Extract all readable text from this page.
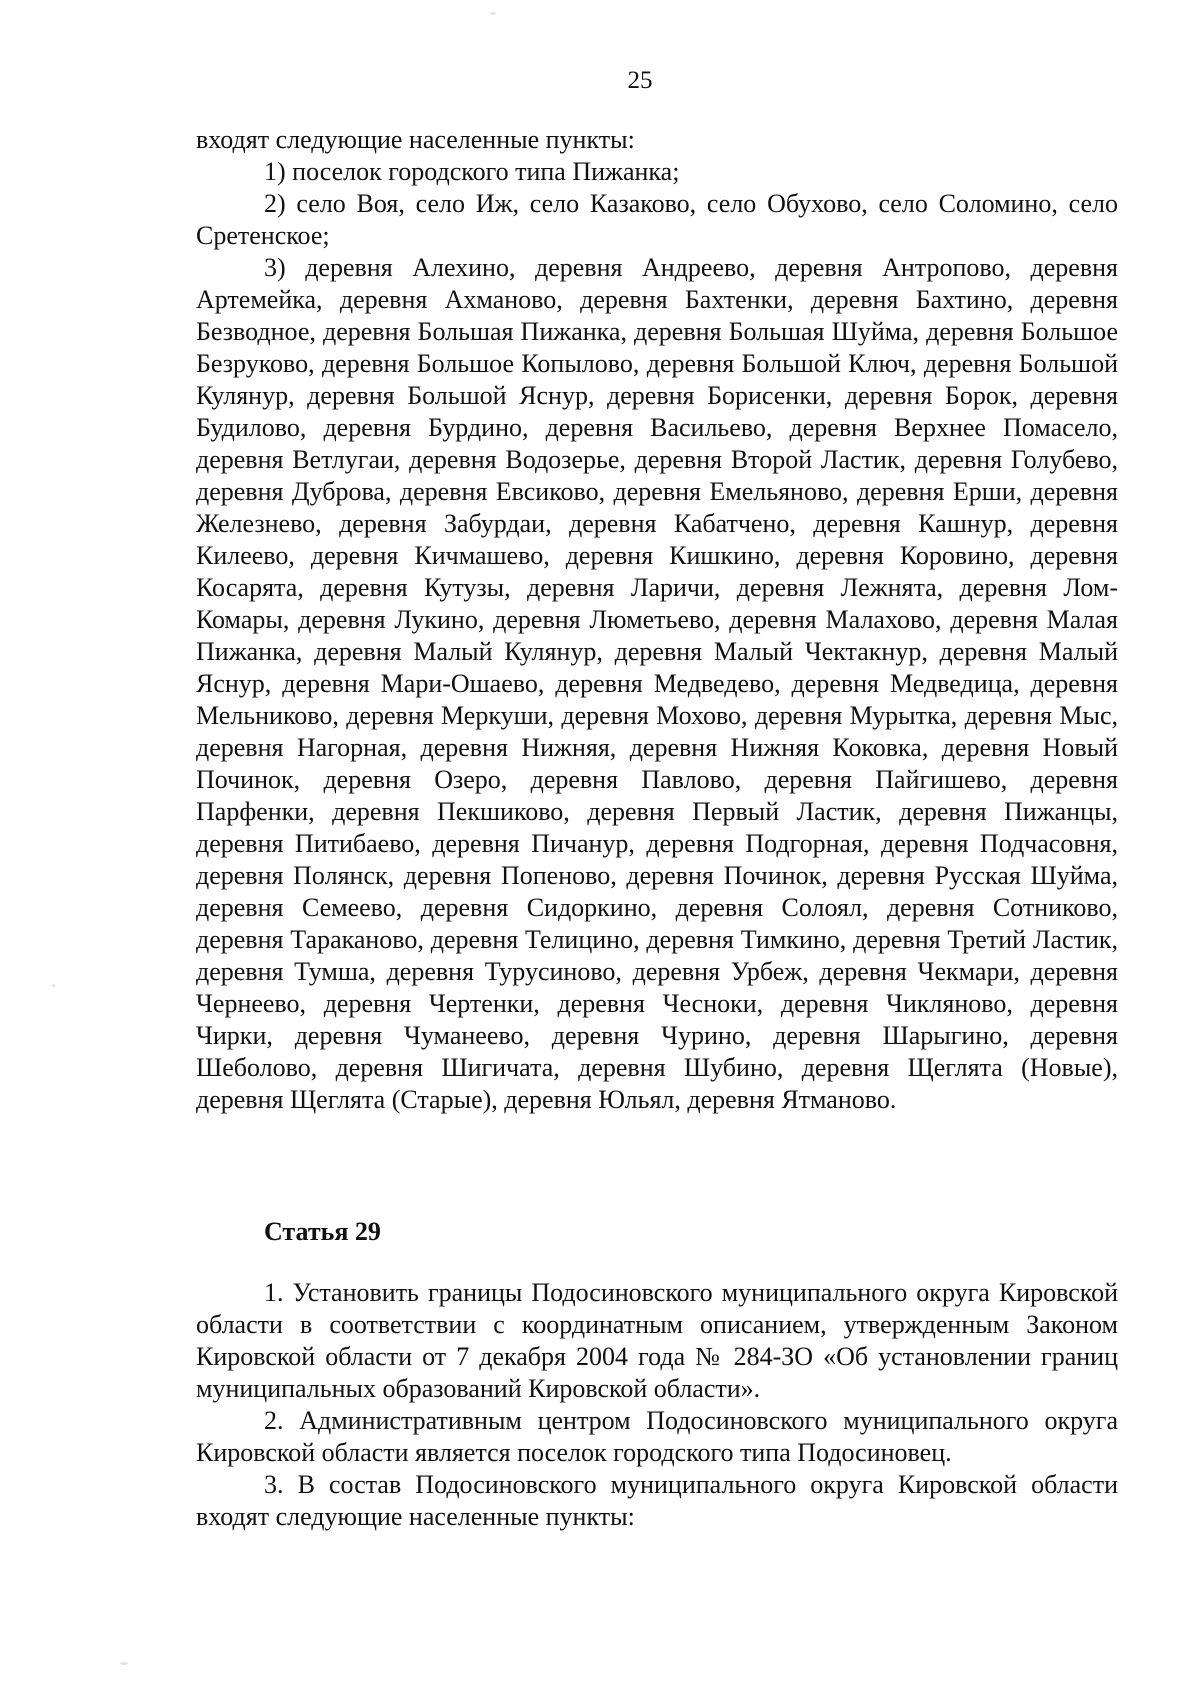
25

входят следующие населенные пункты:

1) поселок городского типа Пижанка;

2) село Воя, село Иж, село Казаково, село Обухово, село Соломино, село Сретенское;

3) деревня Алехино, деревня Андреево, деревня Антропово, деревня Артемейка, деревня Ахманово, деревня Бахтенки, деревня Бахтино, деревня Безводное, деревня Большая Пижанка, деревня Большая Шуйма, деревня Большое Безруково, деревня Большое Копылово, деревня Большой Ключ, деревня Большой Кулянур, деревня Большой Яснур, деревня Борисенки, деревня Борок, деревня Будилово, деревня Бурдино, деревня Васильево, деревня Верхнее Помасело, деревня Ветлугаи, деревня Водозерье, деревня Второй Ластик, деревня Голубево, деревня Дуброва, деревня Евсиково, деревня Емельяново, деревня Ерши, деревня Железнево, деревня Забурдаи, деревня Кабатчено, деревня Кашнур, деревня Килеево, деревня Кичмашево, деревня Кишкино, деревня Коровино, деревня Косарята, деревня Кутузы, деревня Ларичи, деревня Лежнята, деревня Лом-Комары, деревня Лукино, деревня Люметьево, деревня Малахово, деревня Малая Пижанка, деревня Малый Кулянур, деревня Малый Чектакнур, деревня Малый Яснур, деревня Мари-Ошаево, деревня Медведево, деревня Медведица, деревня Мельниково, деревня Меркуши, деревня Мохово, деревня Мурытка, деревня Мыс, деревня Нагорная, деревня Нижняя, деревня Нижняя Коковка, деревня Новый Починок, деревня Озеро, деревня Павлово, деревня Пайгишево, деревня Парфенки, деревня Пекшиково, деревня Первый Ластик, деревня Пижанцы, деревня Питибаево, деревня Пичанур, деревня Подгорная, деревня Подчасовня, деревня Полянск, деревня Попеново, деревня Починок, деревня Русская Шуйма, деревня Семеево, деревня Сидоркино, деревня Солоял, деревня Сотниково, деревня Тараканово, деревня Телицино, деревня Тимкино, деревня Третий Ластик, деревня Тумша, деревня Турусиново, деревня Урбеж, деревня Чекмари, деревня Чернеево, деревня Чертенки, деревня Чесноки, деревня Чикляново, деревня Чирки, деревня Чуманеево, деревня Чурино, деревня Шарыгино, деревня Шеболово, деревня Шигичата, деревня Шубино, деревня Щеглята (Новые), деревня Щеглята (Старые), деревня Юльял, деревня Ятманово.

Статья 29

1. Установить границы Подосиновского муниципального округа Кировской области в соответствии с координатным описанием, утвержденным Законом Кировской области от 7 декабря 2004 года № 284-ЗО «Об установлении границ муниципальных образований Кировской области».

2. Административным центром Подосиновского муниципального округа Кировской области является поселок городского типа Подосиновец.

3. В состав Подосиновского муниципального округа Кировской области входят следующие населенные пункты:
